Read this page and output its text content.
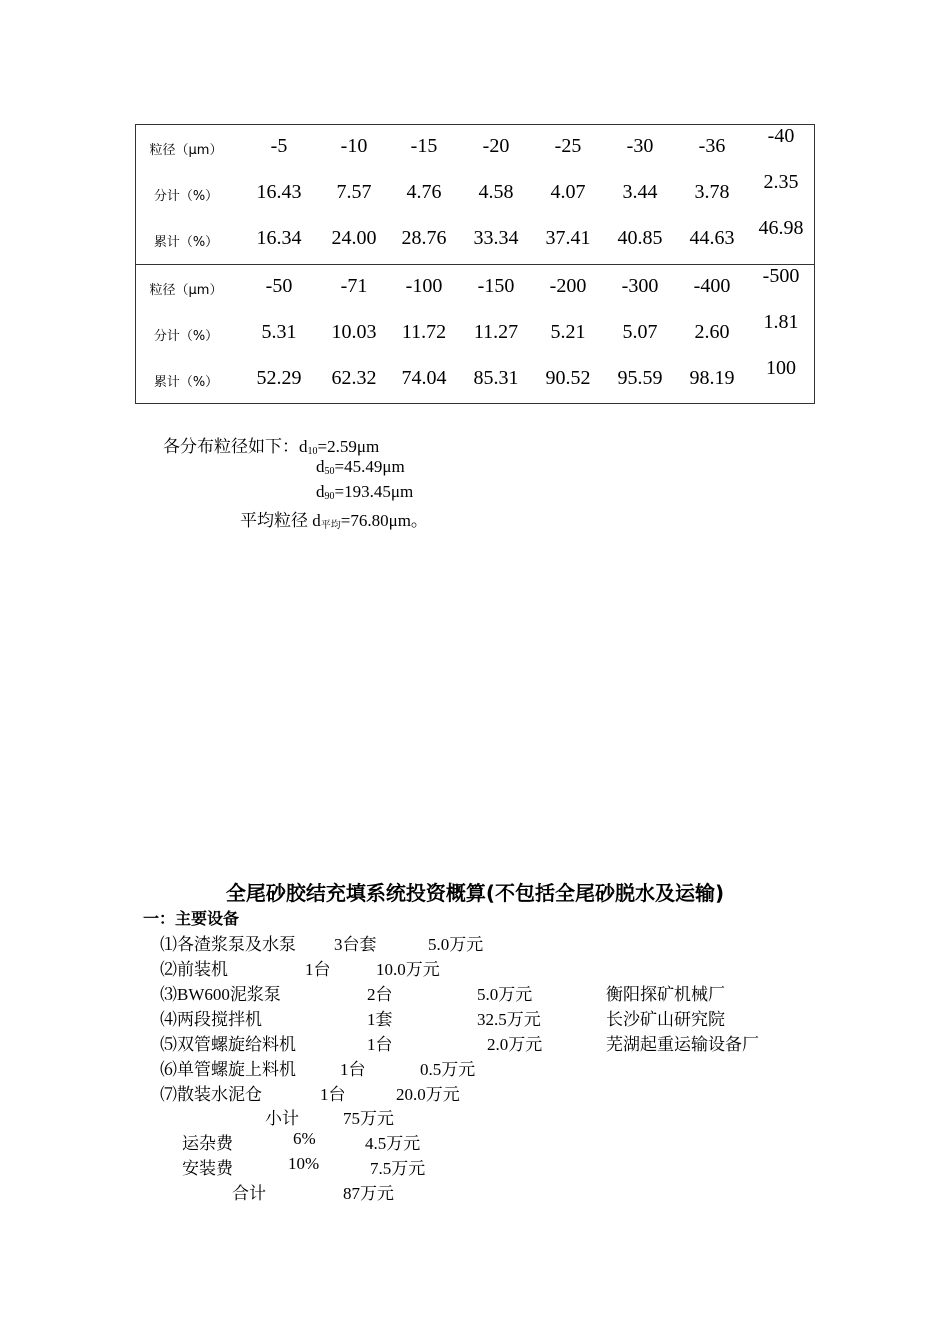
粒径（μm）	-5	-10	-15	-20	-25	-30	-36	-40
分计（%）	16.43	7.57	4.76	4.58	4.07	3.44	3.78	2.35
累计（%）	16.34	24.00	28.76	33.34	37.41	40.85	44.63	46.98
粒径（μm）	-50	-71	-100	-150	-200	-300	-400	-500
分计（%）	5.31	10.03	11.72	11.27	5.21	5.07	2.60	1.81
累计（%）	52.29	62.32	74.04	85.31	90.52	95.59	98.19	100
各分布粒径如下：$d_{10}=2.59\mu m$
$d_{50}=45.49\mu m$
$d_{90}=193.45\mu m$
平均粒径 $d_{平均}=76.80\mu m$。
全尾砂胶结充填系统投资概算(不包括全尾砂脱水及运输)
一：主要设备
⑴各渣浆泵及水泵 3台套	5.0万元
⑵前装机	1台	10.0万元
⑶BW600泥浆泵	2台	5.0万元	衡阳探矿机械厂
⑷两段搅拌机	1套	32.5万元	长沙矿山研究院
⑸双管螺旋给料机	1台	2.0万元	芜湖起重运输设备厂
⑹单管螺旋上料机	1台	0.5万元
⑺散装水泥仓	1台	20.0万元
小计	75万元
运杂费	6%	4.5万元
安装费	10%	7.5万元
合计	87万元
